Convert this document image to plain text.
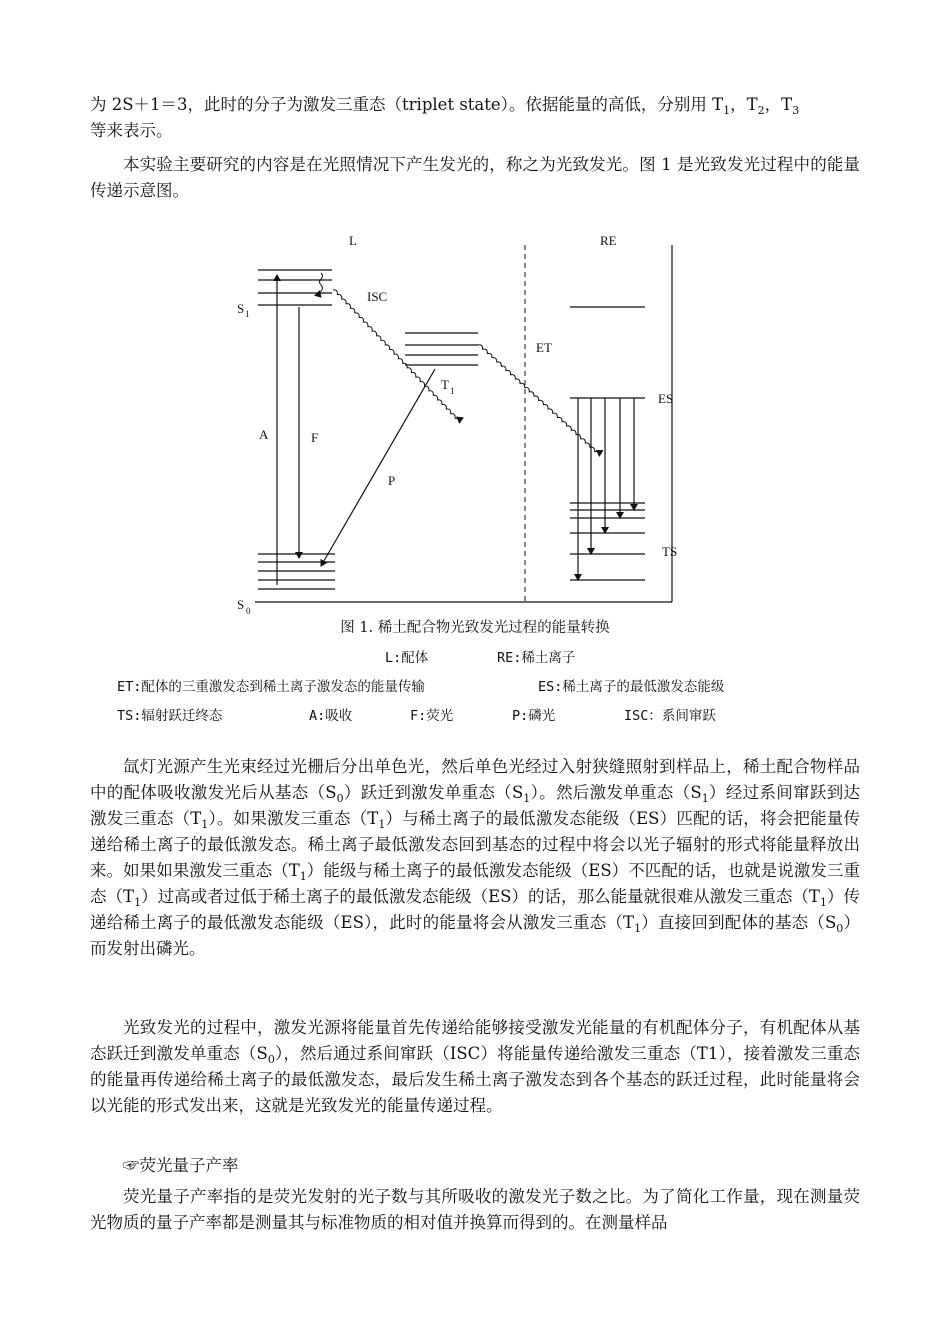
为 2S＋1＝3，此时的分子为激发三重态（triplet state）。依据能量的高低，分别用 $T_1$，$T_2$，$T_3$
等来表示。

本实验主要研究的内容是在光照情况下产生发光的，称之为光致发光。图 1 是光致发光过程中的能量传递示意图。

L	RE
S 1
S 0
A	F
ISC
T 1
P
ET
ES
TS
图 1. 稀土配合物光致发光过程的能量转换
L:配体	RE:稀土离子
ET:配体的三重激发态到稀土离子激发态的能量传输	ES:稀土离子的最低激发态能级
TS:辐射跃迁终态	A:吸收	F:荧光	P:磷光	ISC：系间窜跃

氙灯光源产生光束经过光栅后分出单色光，然后单色光经过入射狭缝照射到样品上，稀土配合物样品中的配体吸收激发光后从基态$(S_0)$跃迁到激发单重态$(S_1)$。然后激发单重态$(S_1)$经过系间窜跃到达激发三重态$(T_1)$。如果激发三重态$(T_1)$与稀土离子的最低激发态能级（ES）匹配的话，将会把能量传递给稀土离子的最低激发态。稀土离子最低激发态回到基态的过程中将会以光子辐射的形式将能量释放出来。如果如果激发三重态$(T_1)$能级与稀土离子的最低激发态能级（ES）不匹配的话，也就是说激发三重态$(T_1)$过高或者过低于稀土离子的最低激发态能级（ES）的话，那么能量就很难从激发三重态$(T_1)$传递给稀土离子的最低激发态能级（ES），此时的能量将会从激发三重态$(T_1)$直接回到配体的基态$(S_0)$而发射出磷光。

光致发光的过程中，激发光源将能量首先传递给能够接受激发光能量的有机配体分子，有机配体从基态跃迁到激发单重态$(S_0)$，然后通过系间窜跃（ISC）将能量传递给激发三重态（T1），接着激发三重态的能量再传递给稀土离子的最低激发态，最后发生稀土离子激发态到各个基态的跃迁过程，此时能量将会以光能的形式发出来，这就是光致发光的能量传递过程。

☞荧光量子产率

荧光量子产率指的是荧光发射的光子数与其所吸收的激发光子数之比。为了简化工作量，现在测量荧光物质的量子产率都是测量其与标准物质的相对值并换算而得到的。在测量样品
